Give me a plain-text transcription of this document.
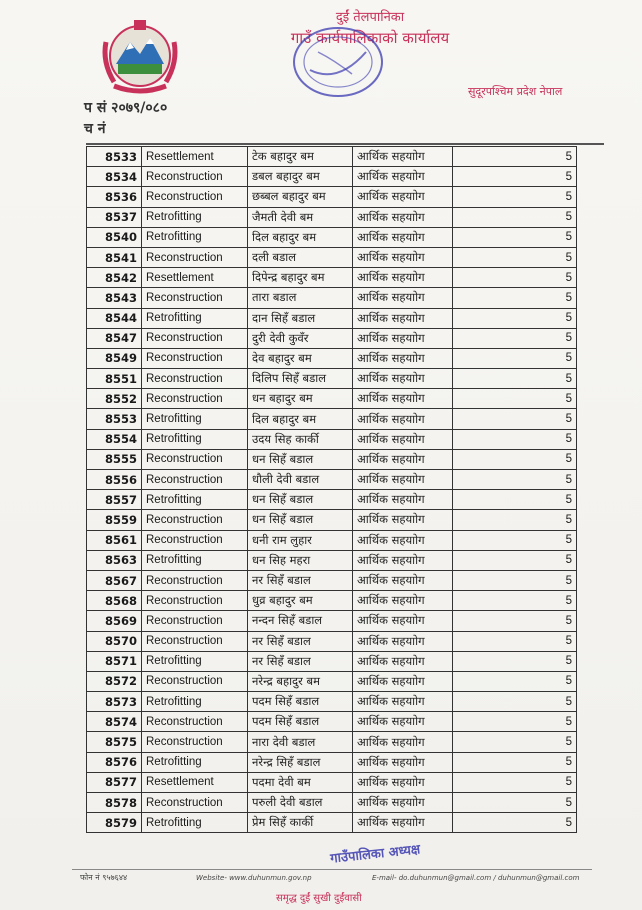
दुईं तेलपानिका
गाउँ कार्यपालिकाको कार्यालय
सुदूरपश्चिम प्रदेश नेपाल
प सं २०७९/०८०
च नं
8533	Resettlement	टेक बहादुर बम	आर्थिक सहयाोग	5
8534	Reconstruction	डबल बहादुर बम	आर्थिक सहयाोग	5
8536	Reconstruction	छब्बल बहादुर बम	आर्थिक सहयाोग	5
8537	Retrofitting	जैमती देवी बम	आर्थिक सहयाोग	5
8540	Retrofitting	दिल बहादुर बम	आर्थिक सहयाोग	5
8541	Reconstruction	दली बडाल	आर्थिक सहयाोग	5
8542	Resettlement	दिपेन्द्र बहादुर बम	आर्थिक सहयाोग	5
8543	Reconstruction	तारा बडाल	आर्थिक सहयाोग	5
8544	Retrofitting	दान सिहँ बडाल	आर्थिक सहयाोग	5
8547	Reconstruction	दुरी देवी कुवँर	आर्थिक सहयाोग	5
8549	Reconstruction	देव बहादुर बम	आर्थिक सहयाोग	5
8551	Reconstruction	दिलिप सिहँ बडाल	आर्थिक सहयाोग	5
8552	Reconstruction	धन बहादुर बम	आर्थिक सहयाोग	5
8553	Retrofitting	दिल बहादुर बम	आर्थिक सहयाोग	5
8554	Retrofitting	उदय सिह कार्की	आर्थिक सहयाोग	5
8555	Reconstruction	धन सिहँ बडाल	आर्थिक सहयाोग	5
8556	Reconstruction	धाैली देवी बडाल	आर्थिक सहयाोग	5
8557	Retrofitting	धन सिहँ बडाल	आर्थिक सहयाोग	5
8559	Reconstruction	धन सिहँ बडाल	आर्थिक सहयाोग	5
8561	Reconstruction	धनी राम लुहार	आर्थिक सहयाोग	5
8563	Retrofitting	धन सिह महरा	आर्थिक सहयाोग	5
8567	Reconstruction	नर सिहँ बडाल	आर्थिक सहयाोग	5
8568	Reconstruction	धुव्र बहादुर बम	आर्थिक सहयाोग	5
8569	Reconstruction	नन्दन सिहँ बडाल	आर्थिक सहयाोग	5
8570	Reconstruction	नर सिहँ बडाल	आर्थिक सहयाोग	5
8571	Retrofitting	नर सिहँ बडाल	आर्थिक सहयाोग	5
8572	Reconstruction	नरेन्द्र बहादुर बम	आर्थिक सहयाोग	5
8573	Retrofitting	पदम सिहँ बडाल	आर्थिक सहयाोग	5
8574	Reconstruction	पदम सिहँ बडाल	आर्थिक सहयाोग	5
8575	Reconstruction	नारा देवी बडाल	आर्थिक सहयाोग	5
8576	Retrofitting	नरेन्द्र सिहँ बडाल	आर्थिक सहयाोग	5
8577	Resettlement	पदमा देवी बम	आर्थिक सहयाोग	5
8578	Reconstruction	परुली देवी बडाल	आर्थिक सहयाोग	5
8579	Retrofitting	प्रेम सिहँ कार्की	आर्थिक सहयाोग	5
गाउँपालिका अध्यक्ष
फोन नं ९५७६४४	Website- www.duhunmun.gov.np	E-mail- do.duhunmun@gmail.com / duhunmun@gmail.com
समृद्ध दुईं सुखी दुईंवासी
